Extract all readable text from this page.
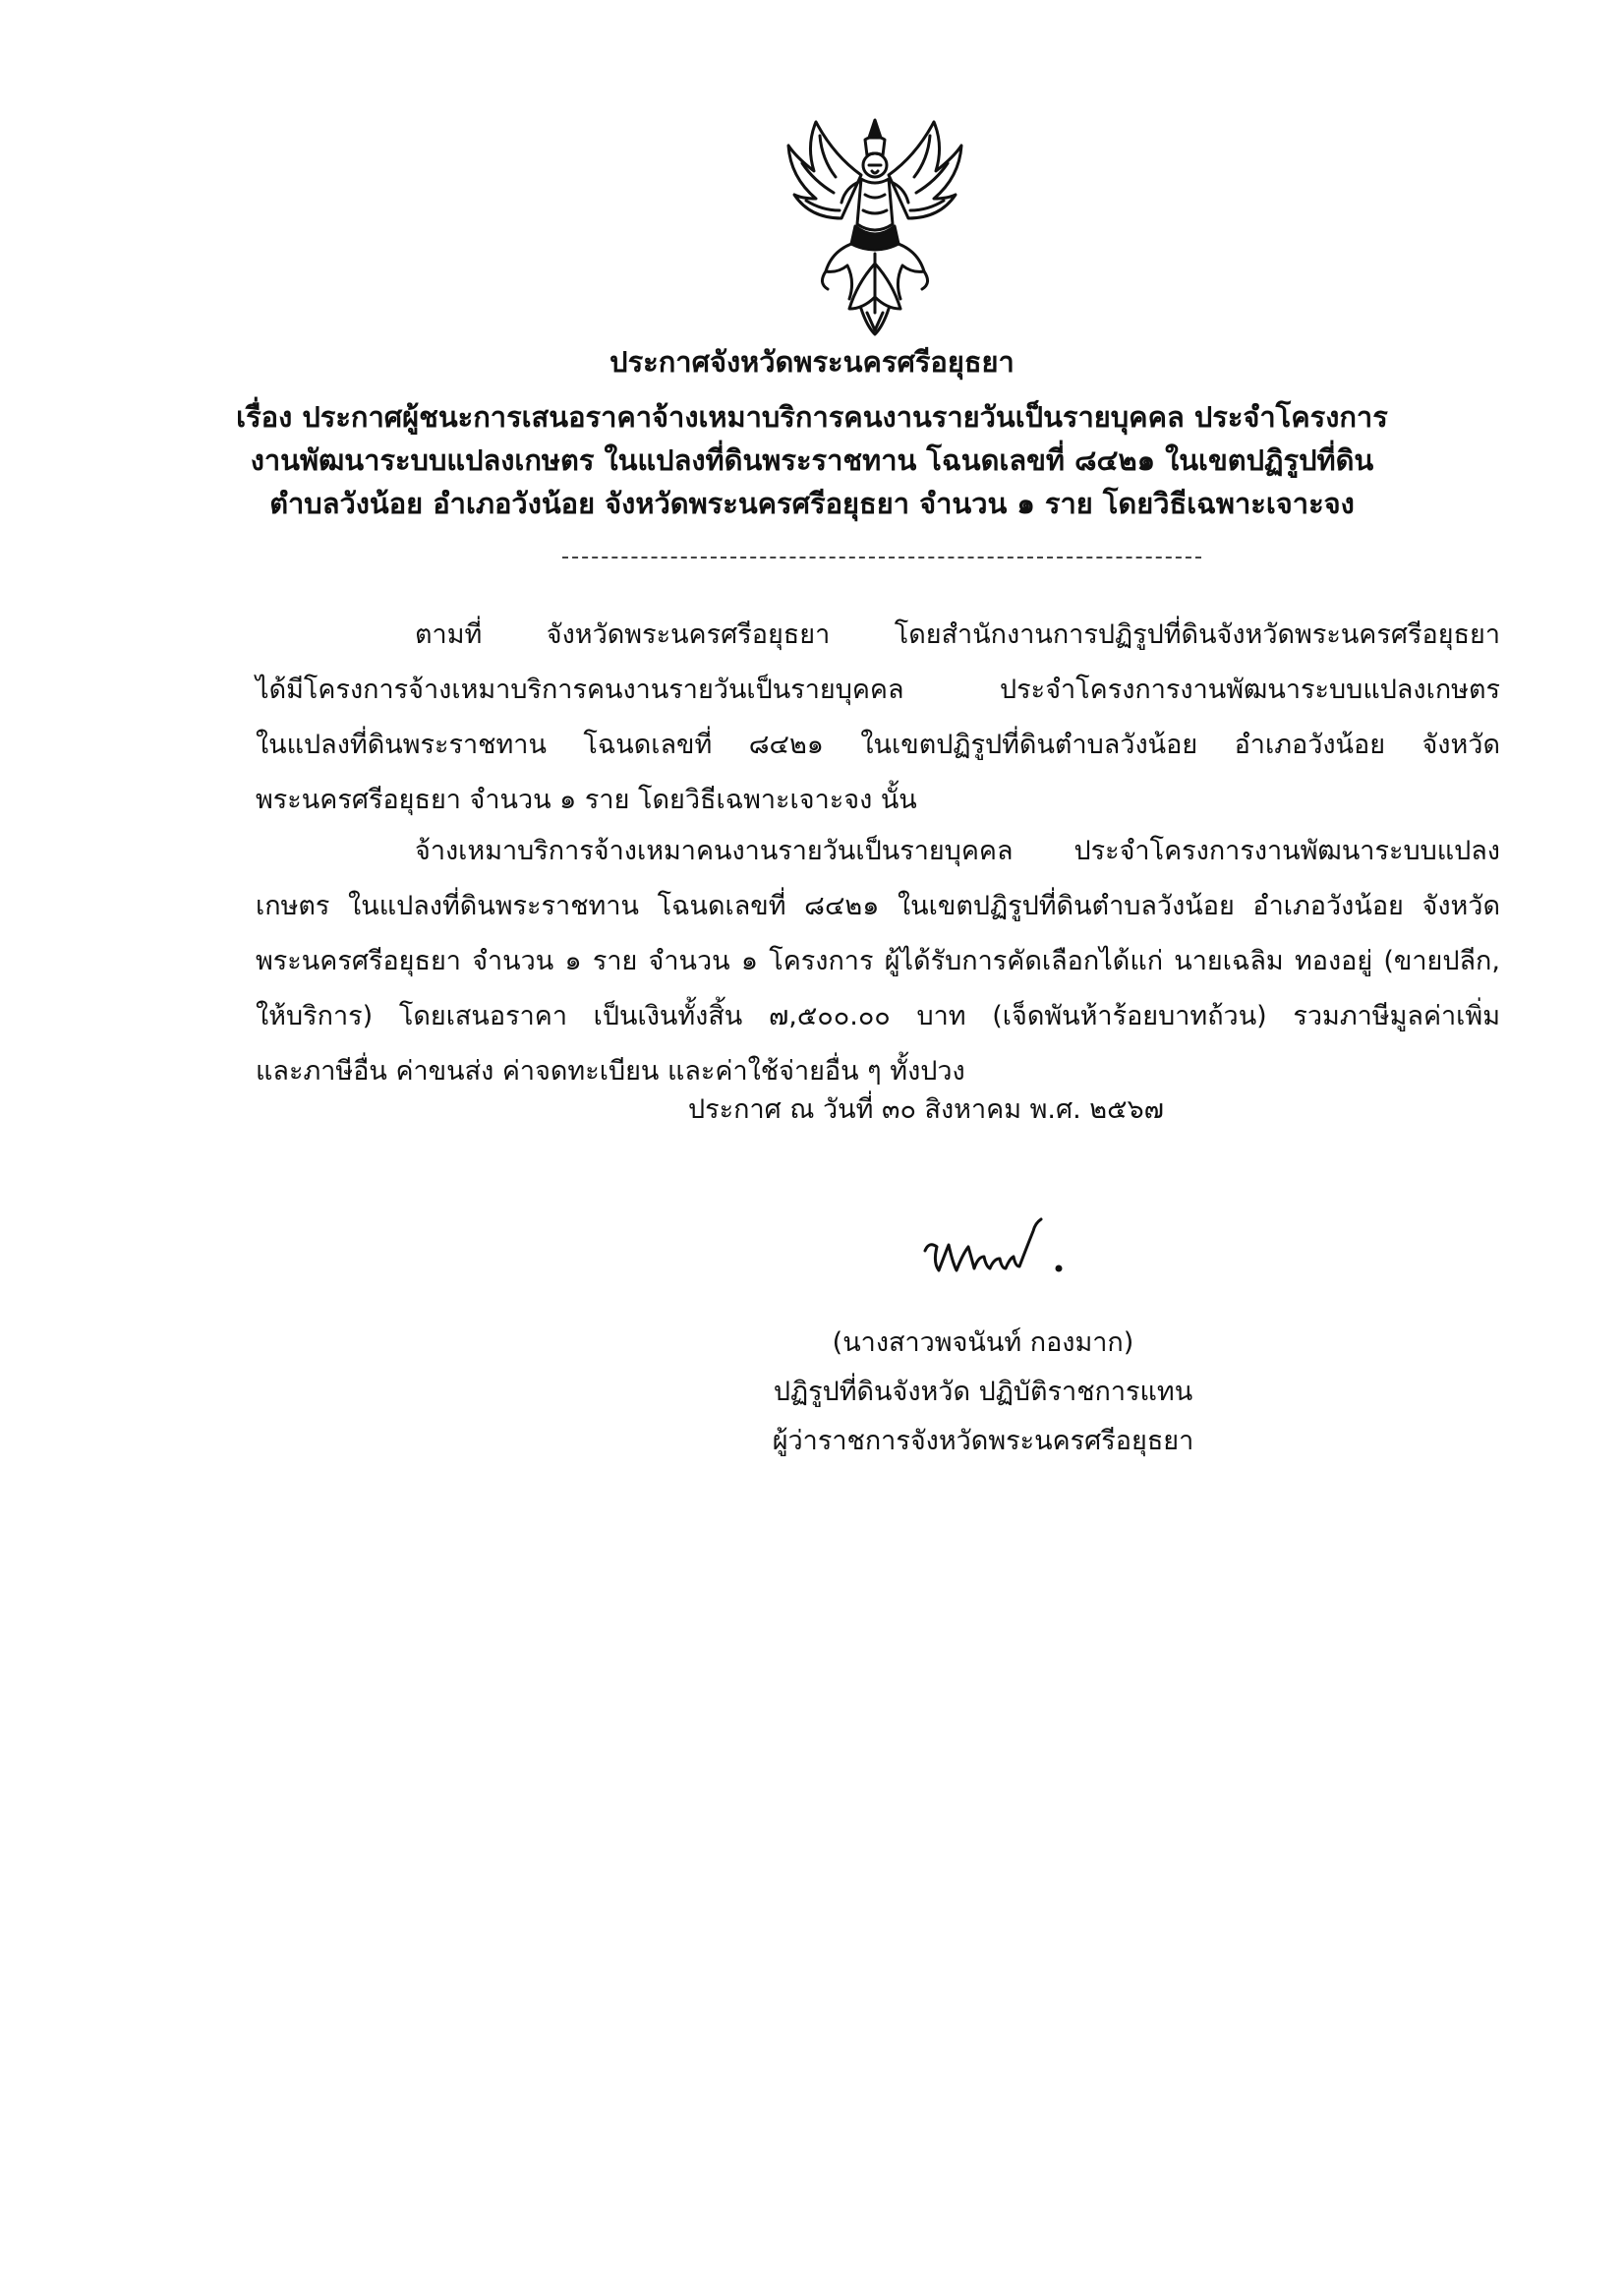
ประกาศจังหวัดพระนครศรีอยุธยา
เรื่อง ประกาศผู้ชนะการเสนอราคาจ้างเหมาบริการคนงานรายวันเป็นรายบุคคล ประจำโครงการ
งานพัฒนาระบบแปลงเกษตร ในแปลงที่ดินพระราชทาน โฉนดเลขที่ ๘๔๒๑ ในเขตปฏิรูปที่ดิน
ตำบลวังน้อย อำเภอวังน้อย จังหวัดพระนครศรีอยุธยา จำนวน ๑ ราย โดยวิธีเฉพาะเจาะจง
ตามที่ จังหวัดพระนครศรีอยุธยา โดยสำนักงานการปฏิรูปที่ดินจังหวัดพระนครศรีอยุธยา
ได้มีโครงการจ้างเหมาบริการคนงานรายวันเป็นรายบุคคล ประจำโครงการงานพัฒนาระบบแปลงเกษตร
ในแปลงที่ดินพระราชทาน โฉนดเลขที่ ๘๔๒๑ ในเขตปฏิรูปที่ดินตำบลวังน้อย อำเภอวังน้อย จังหวัด
พระนครศรีอยุธยา จำนวน ๑ ราย โดยวิธีเฉพาะเจาะจง นั้น
จ้างเหมาบริการจ้างเหมาคนงานรายวันเป็นรายบุคคล ประจำโครงการงานพัฒนาระบบแปลง
เกษตร ในแปลงที่ดินพระราชทาน โฉนดเลขที่ ๘๔๒๑ ในเขตปฏิรูปที่ดินตำบลวังน้อย อำเภอวังน้อย จังหวัด
พระนครศรีอยุธยา จำนวน ๑ ราย จำนวน ๑ โครงการ ผู้ได้รับการคัดเลือกได้แก่ นายเฉลิม ทองอยู่ (ขายปลีก,
ให้บริการ) โดยเสนอราคา เป็นเงินทั้งสิ้น ๗,๕๐๐.๐๐ บาท (เจ็ดพันห้าร้อยบาทถ้วน) รวมภาษีมูลค่าเพิ่ม
และภาษีอื่น ค่าขนส่ง ค่าจดทะเบียน และค่าใช้จ่ายอื่น ๆ ทั้งปวง
ประกาศ ณ วันที่ ๓๐ สิงหาคม พ.ศ. ๒๕๖๗
(นางสาวพจนันท์ กองมาก)
ปฏิรูปที่ดินจังหวัด ปฏิบัติราชการแทน
ผู้ว่าราชการจังหวัดพระนครศรีอยุธยา
